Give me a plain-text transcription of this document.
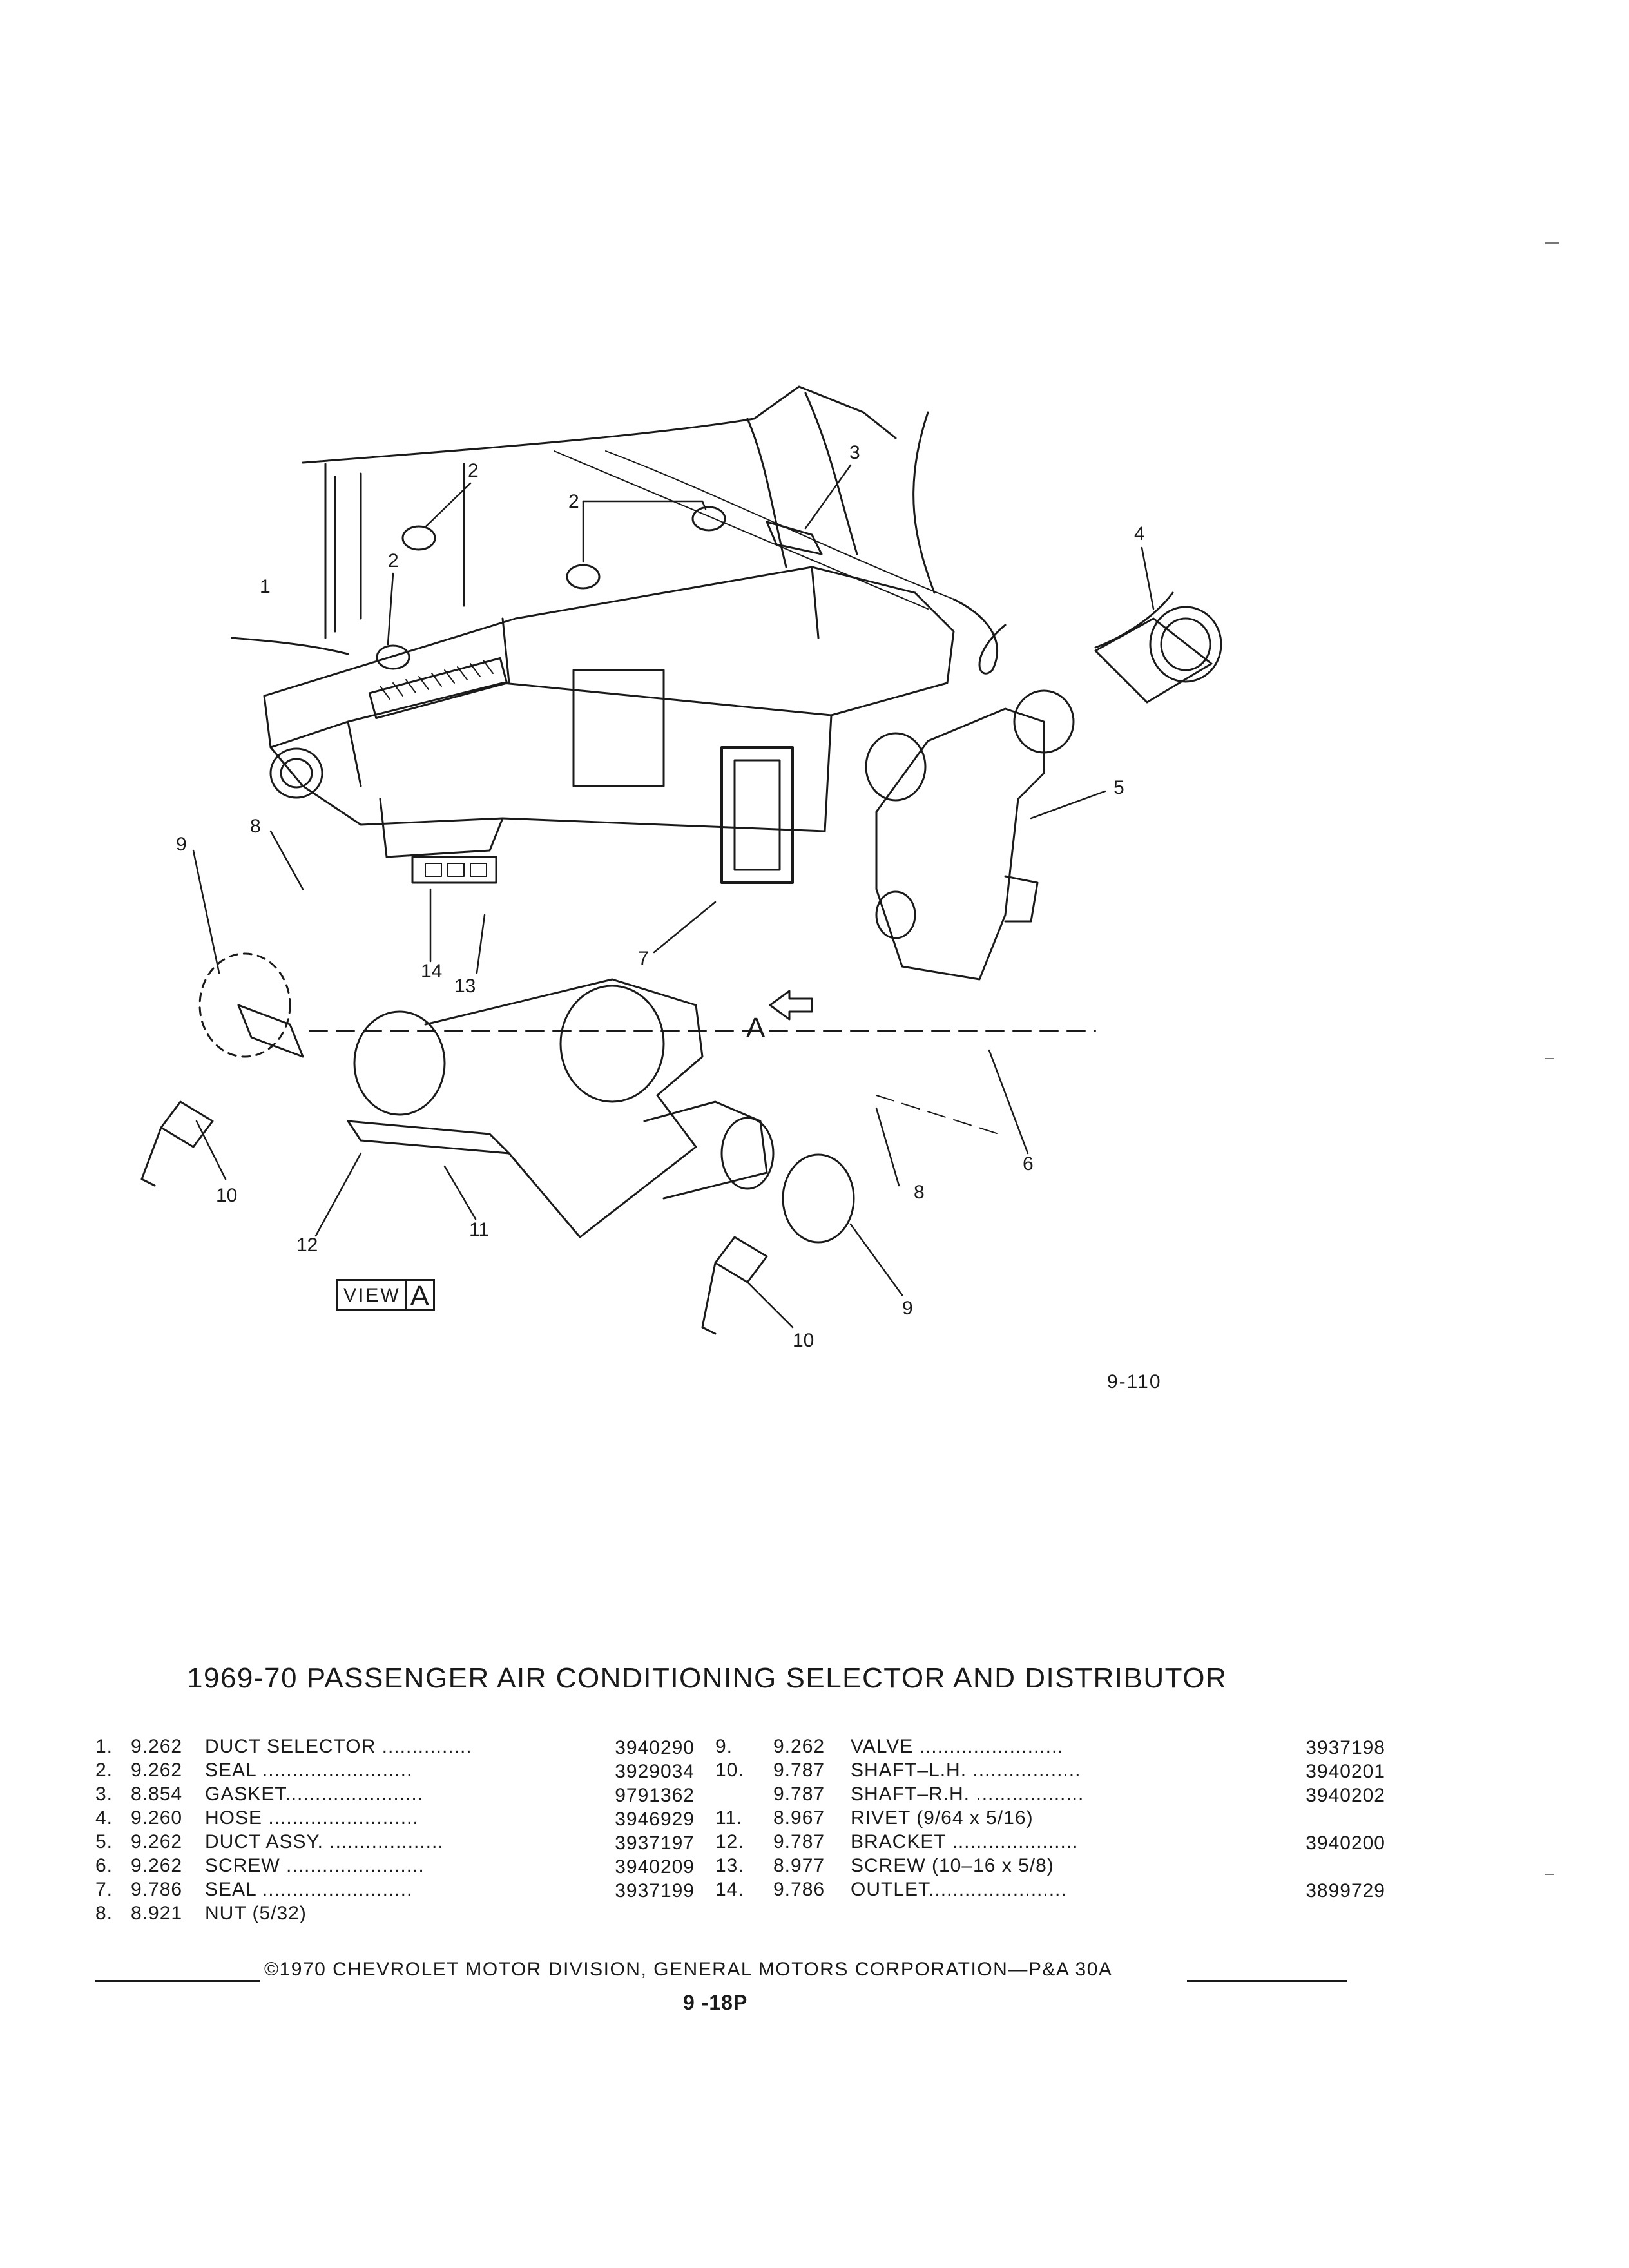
1
2
2
2
3
4
5
6
7
8
8
9
9
10
10
11
12
13
14
A
VIEW A
9-110
1969-70 PASSENGER AIR CONDITIONING SELECTOR AND DISTRIBUTOR
1. 9.262 DUCT SELECTOR ...............	3940290
2. 9.262 SEAL .........................	3929034
3. 8.854 GASKET.......................	9791362
4. 9.260 HOSE .........................	3946929
5. 9.262 DUCT ASSY. ...................	3937197
6. 9.262 SCREW .......................	3940209
7. 9.786 SEAL .........................	3937199
8. 8.921 NUT (5/32)
9. 9.262 VALVE ........................	3937198
10. 9.787 SHAFT–L.H. ..................	3940201
9.787 SHAFT–R.H. ..................	3940202
11. 8.967 RIVET (9/64 x 5/16)
12. 9.787 BRACKET .....................	3940200
13. 8.977 SCREW (10–16 x 5/8)
14. 9.786 OUTLET.......................	3899729
©1970 CHEVROLET MOTOR DIVISION, GENERAL MOTORS CORPORATION—P&A 30A
9 -18P
